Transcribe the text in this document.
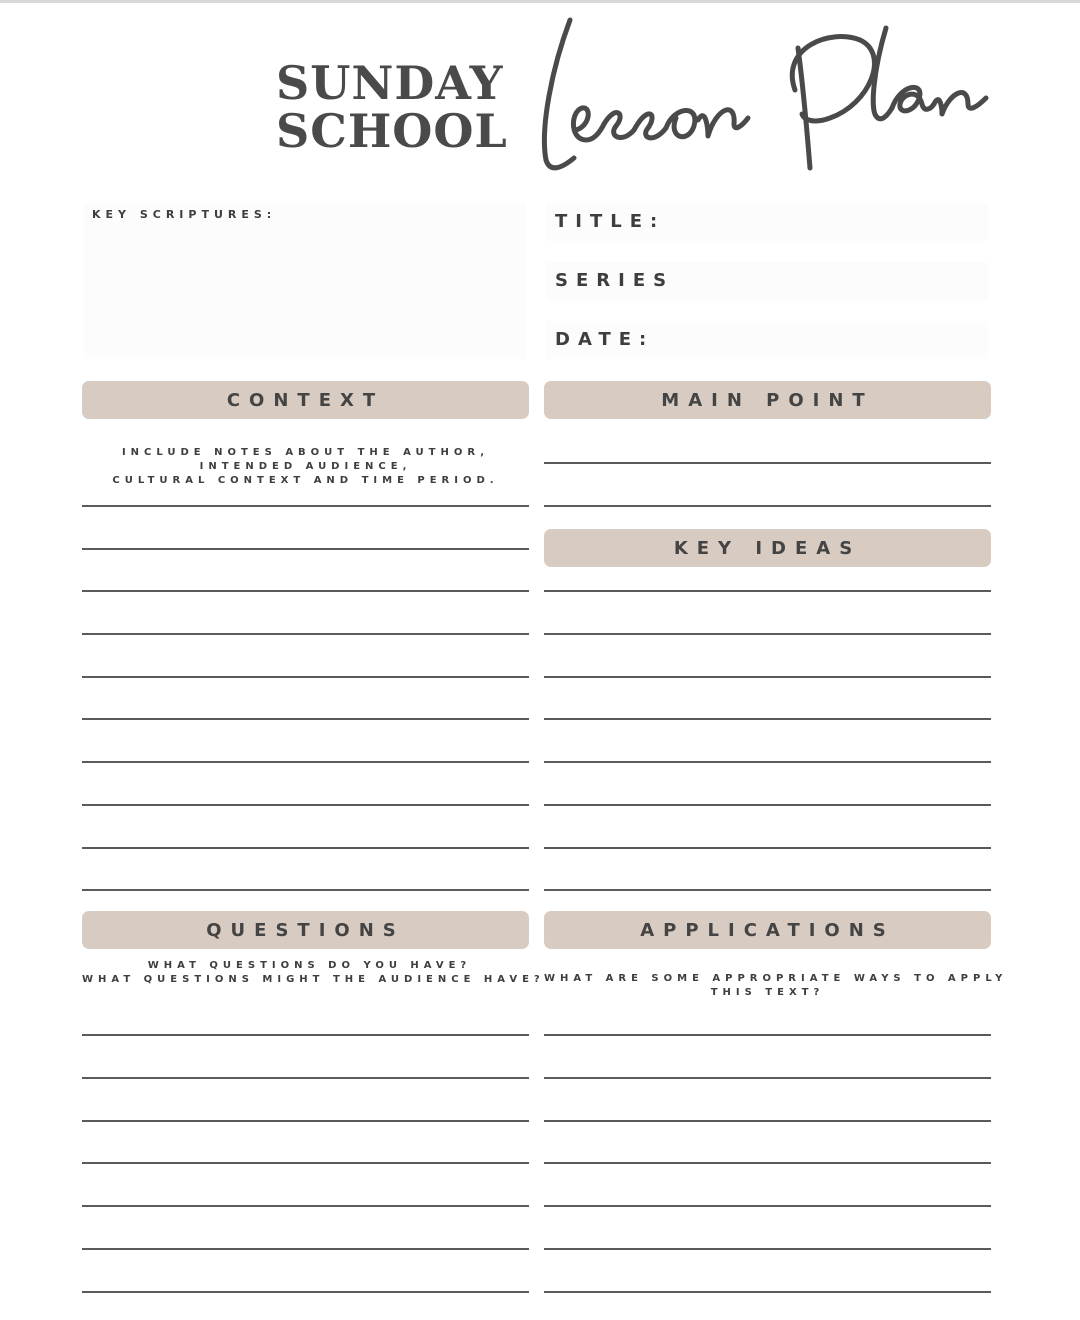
SUNDAY
SCHOOL
KEY SCRIPTURES:	TITLE:
SERIES
DATE:
CONTEXT	MAIN POINT
KEY IDEAS
QUESTIONS	APPLICATIONS
INCLUDE NOTES ABOUT THE AUTHOR,
INTENDED AUDIENCE,
CULTURAL CONTEXT AND TIME PERIOD.
WHAT QUESTIONS DO YOU HAVE?
WHAT QUESTIONS MIGHT THE AUDIENCE HAVE? WHAT ARE SOME APPROPRIATE WAYS TO APPLY
THIS TEXT?
